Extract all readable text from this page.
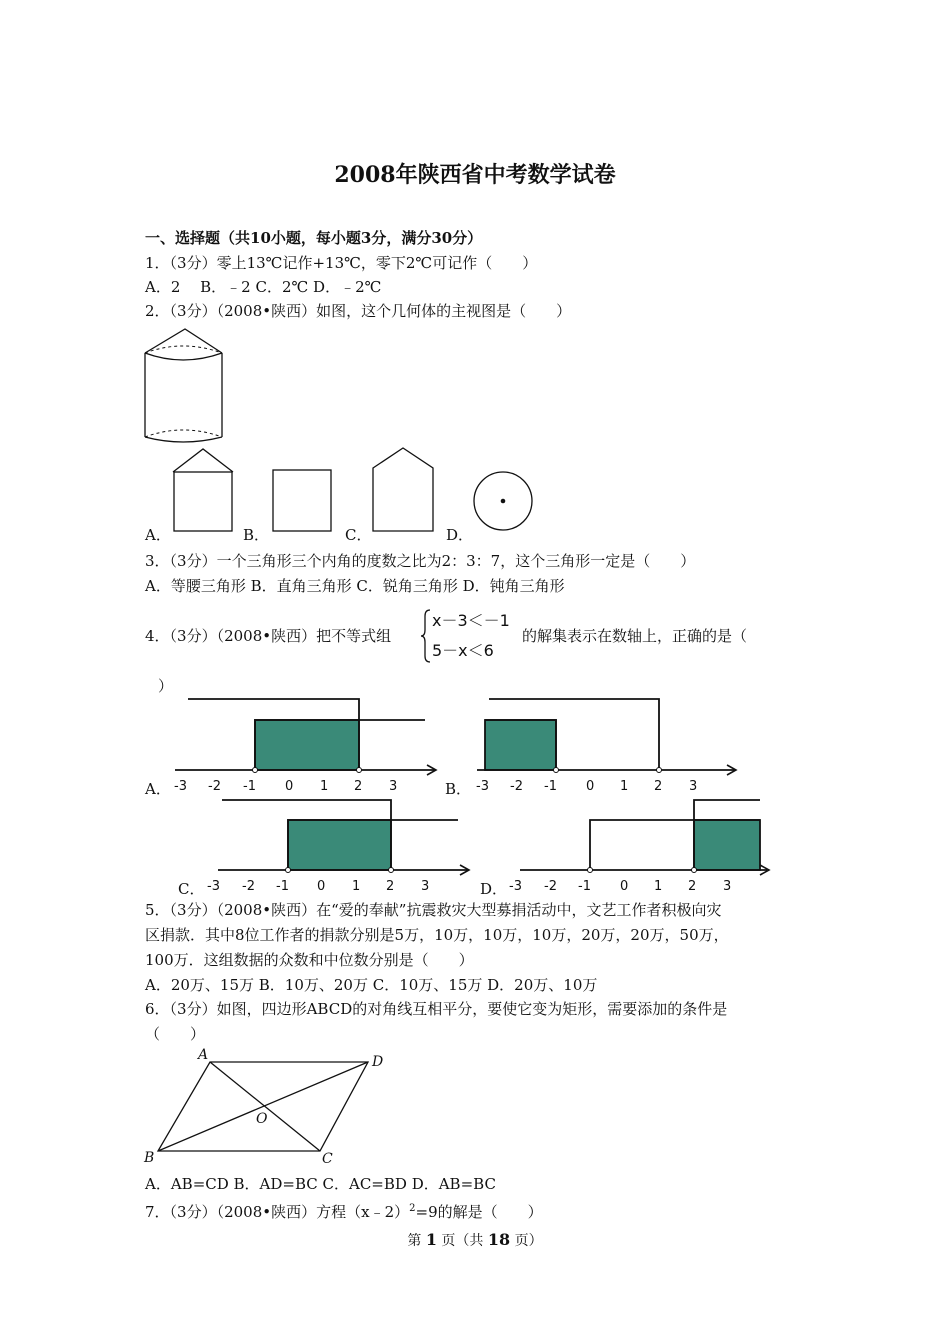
2008年陕西省中考数学试卷
一、选择题（共10小题，每小题3分，满分30分）
1．（3分）零上13℃记作+13℃，零下2℃可记作（　　）
A．2　 B．﹣2 C．2℃ D．﹣2℃
2．（3分）（2008•陕西）如图，这个几何体的主视图是（　　）
A．	B．	C．	D．
3．（3分）一个三角形三个内角的度数之比为2：3：7，这个三角形一定是（　　）
A．等腰三角形 B．直角三角形 C．锐角三角形 D．钝角三角形
4．（3分）（2008•陕西）把不等式组
x－3＜－1
5－x＜6
的解集表示在数轴上，正确的是（
）
A． -3 -2 -1 0 1 2 3	B． -3 -2 -1 0 1 2 3
C． -3 -2 -1 0 1 2 3	D． -3 -2 -1 0 1 2 3
5．（3分）（2008•陕西）在“爱的奉献”抗震救灾大型募捐活动中，文艺工作者积极向灾
区捐款．其中8位工作者的捐款分别是5万，10万，10万，10万，20万，20万，50万，
100万．这组数据的众数和中位数分别是（　　）
A．20万、15万 B．10万、20万 C．10万、15万 D．20万、10万
6．（3分）如图，四边形ABCD的对角线互相平分，要使它变为矩形，需要添加的条件是
（　　）
A	D
O
B	C
A．AB=CD B．AD=BC C．AC=BD D．AB=BC
7．（3分）（2008•陕西）方程（x﹣2）$^2$=9的解是（　　）
第 1 页（共 18 页）
